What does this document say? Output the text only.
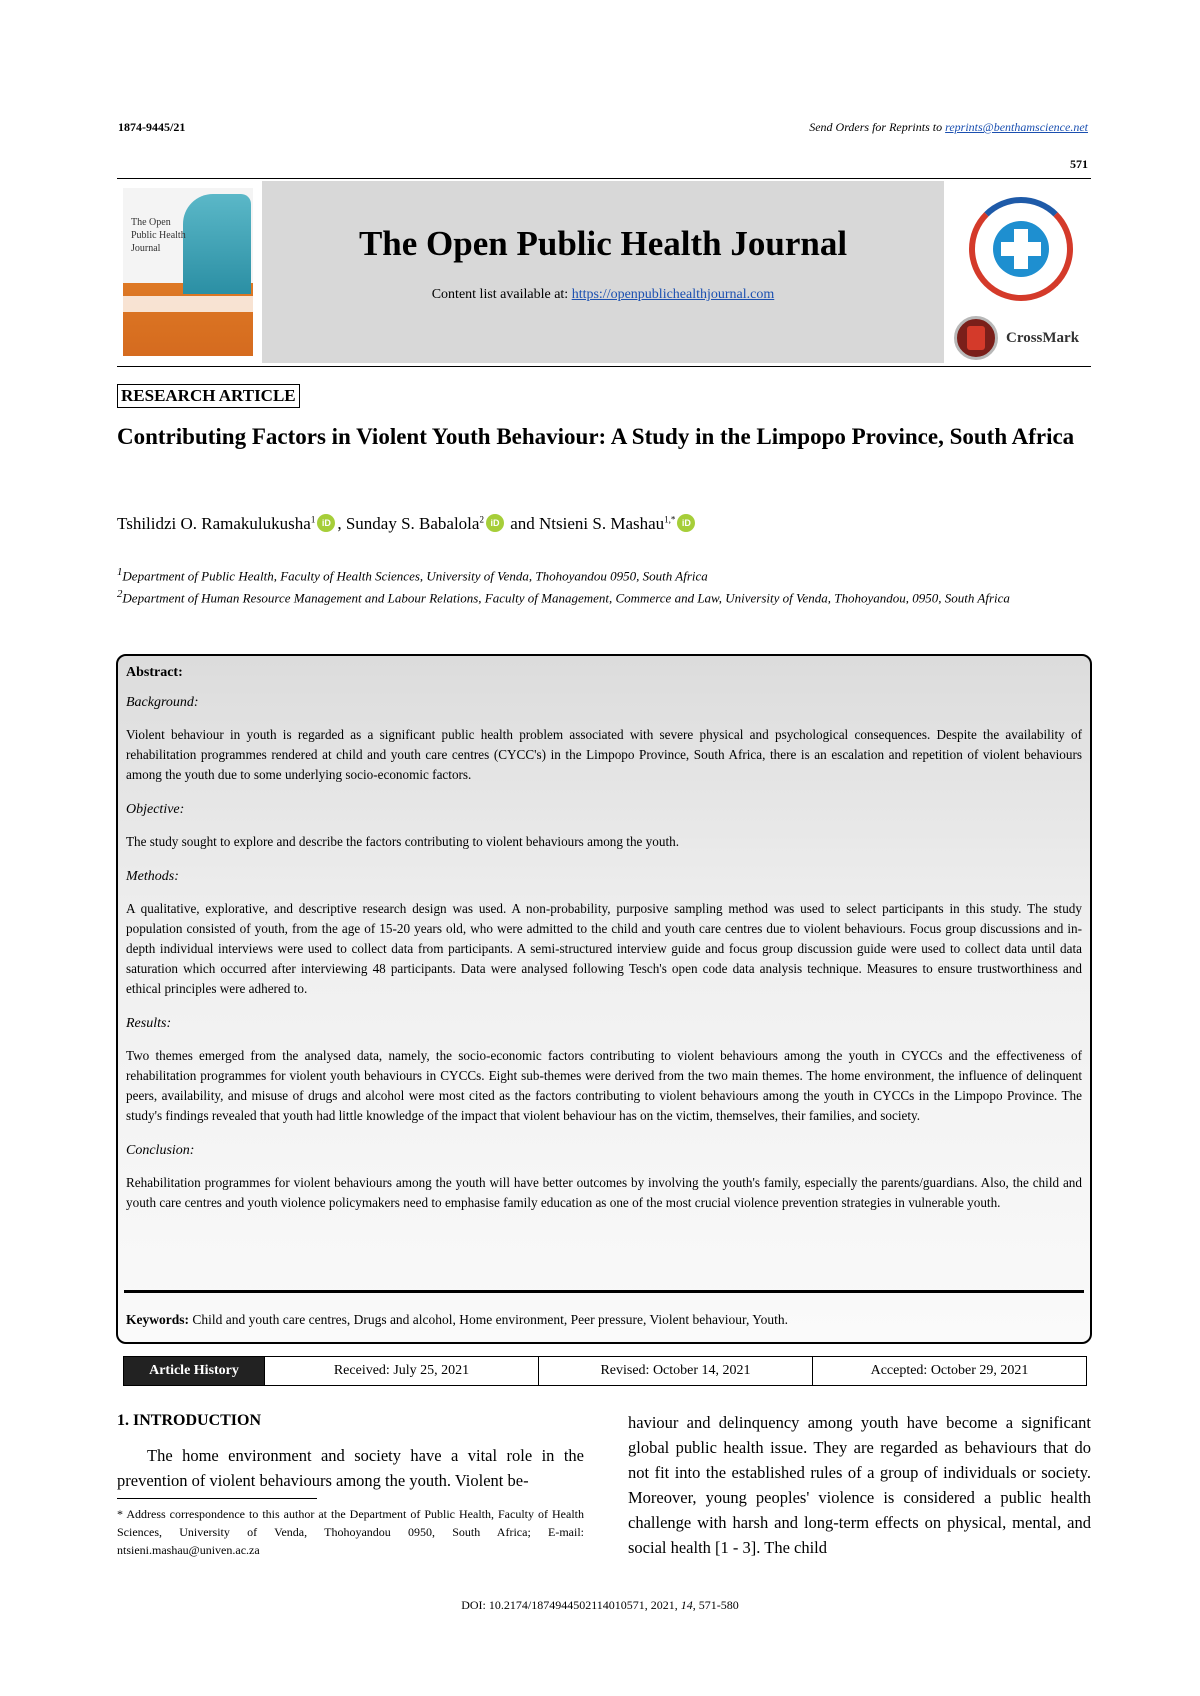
1874-9445/21	Send Orders for Reprints to reprints@benthamscience.net
571
The Open Public Health Journal	The Open Public Health Journal
Content list available at: https://openpublichealthjournal.com
CrossMark
RESEARCH ARTICLE
Contributing Factors in Violent Youth Behaviour: A Study in the Limpopo Province, South Africa
Tshilidzi O. Ramakulukusha$^1$ iD , Sunday S. Babalola$^2$ iD and Ntsieni S. Mashau$^{1,*}$ iD
$^1$Department of Public Health, Faculty of Health Sciences, University of Venda, Thohoyandou 0950, South Africa
$^2$Department of Human Resource Management and Labour Relations, Faculty of Management, Commerce and Law, University of Venda, Thohoyandou, 0950, South Africa
Abstract:
Background:
Violent behaviour in youth is regarded as a significant public health problem associated with severe physical and psychological consequences. Despite the availability of rehabilitation programmes rendered at child and youth care centres (CYCC's) in the Limpopo Province, South Africa, there is an escalation and repetition of violent behaviours among the youth due to some underlying socio-economic factors.
Objective:
The study sought to explore and describe the factors contributing to violent behaviours among the youth.
Methods:
A qualitative, explorative, and descriptive research design was used. A non-probability, purposive sampling method was used to select participants in this study. The study population consisted of youth, from the age of 15-20 years old, who were admitted to the child and youth care centres due to violent behaviours. Focus group discussions and in-depth individual interviews were used to collect data from participants. A semi-structured interview guide and focus group discussion guide were used to collect data until data saturation which occurred after interviewing 48 participants. Data were analysed following Tesch's open code data analysis technique. Measures to ensure trustworthiness and ethical principles were adhered to.
Results:
Two themes emerged from the analysed data, namely, the socio-economic factors contributing to violent behaviours among the youth in CYCCs and the effectiveness of rehabilitation programmes for violent youth behaviours in CYCCs. Eight sub-themes were derived from the two main themes. The home environment, the influence of delinquent peers, availability, and misuse of drugs and alcohol were most cited as the factors contributing to violent behaviours among the youth in CYCCs in the Limpopo Province. The study's findings revealed that youth had little knowledge of the impact that violent behaviour has on the victim, themselves, their families, and society.
Conclusion:
Rehabilitation programmes for violent behaviours among the youth will have better outcomes by involving the youth's family, especially the parents/guardians. Also, the child and youth care centres and youth violence policymakers need to emphasise family education as one of the most crucial violence prevention strategies in vulnerable youth.
Keywords: Child and youth care centres, Drugs and alcohol, Home environment, Peer pressure, Violent behaviour, Youth.
Article History	Received: July 25, 2021	Revised: October 14, 2021	Accepted: October 29, 2021
1. INTRODUCTION
The home environment and society have a vital role in the prevention of violent behaviours among the youth. Violent be-
* Address correspondence to this author at the Department of Public Health, Faculty of Health Sciences, University of Venda, Thohoyandou 0950, South Africa; E-mail: ntsieni.mashau@univen.ac.za
haviour and delinquency among youth have become a significant global public health issue. They are regarded as behaviours that do not fit into the established rules of a group of individuals or society. Moreover, young peoples' violence is considered a public health challenge with harsh and long-term effects on physical, mental, and social health [1 - 3]. The child
DOI: 10.2174/1874944502114010571, 2021, 14, 571-580
